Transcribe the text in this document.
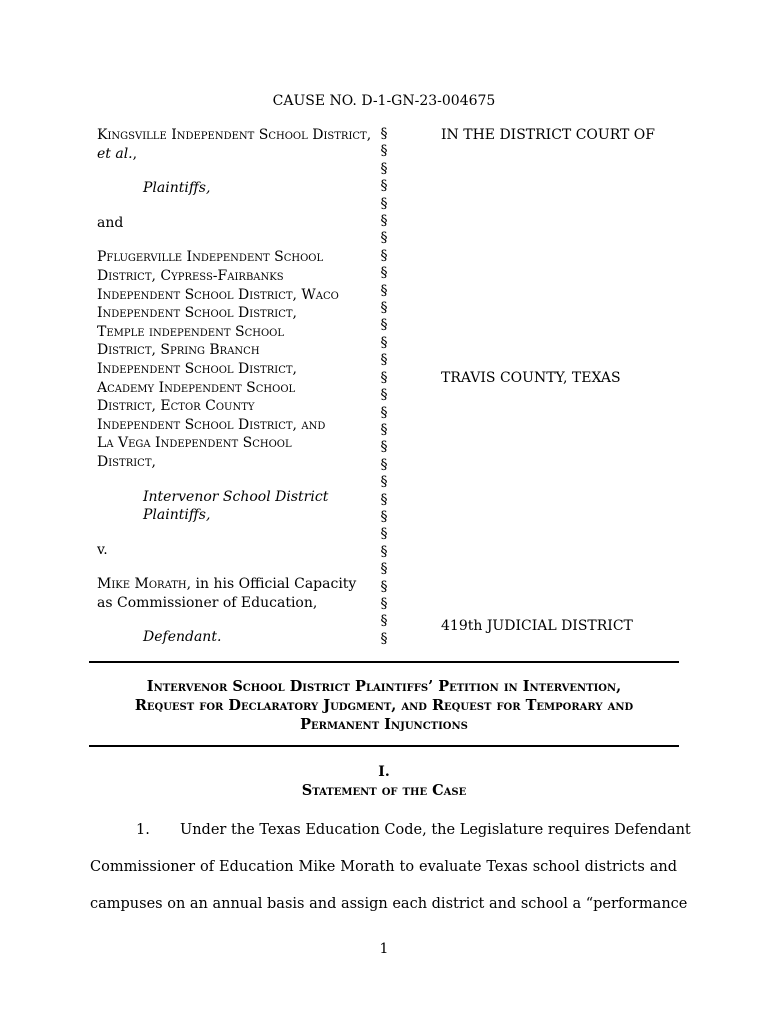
CAUSE NO. D-1-GN-23-004675

Kingsville Independent School District, et al.,

Plaintiffs,

and

Pflugerville Independent School
District, Cypress-Fairbanks
Independent School District, Waco
Independent School District,
Temple independent School
District, Spring Branch
Independent School District,
Academy Independent School
District, Ector County
Independent School District, and
La Vega Independent School
District,

Intervenor School District

Plaintiffs,

v.

Mike Morath, in his Official Capacity

as Commissioner of Education,

Defendant.

§
§
§
§
§
§
§
§
§
§
§
§
§
§
§
§
§
§
§
§
§
§
§
§
§
§
§
§
§
§
IN THE DISTRICT COURT OF
TRAVIS COUNTY, TEXAS
419th JUDICIAL DISTRICT
Intervenor School District Plaintiffs’ Petition in Intervention,
Request for Declaratory Judgment, and Request for Temporary and
Permanent Injunctions
I.
Statement of the Case
1. Under the Texas Education Code, the Legislature requires Defendant
Commissioner of Education Mike Morath to evaluate Texas school districts and
campuses on an annual basis and assign each district and school a “performance
1
